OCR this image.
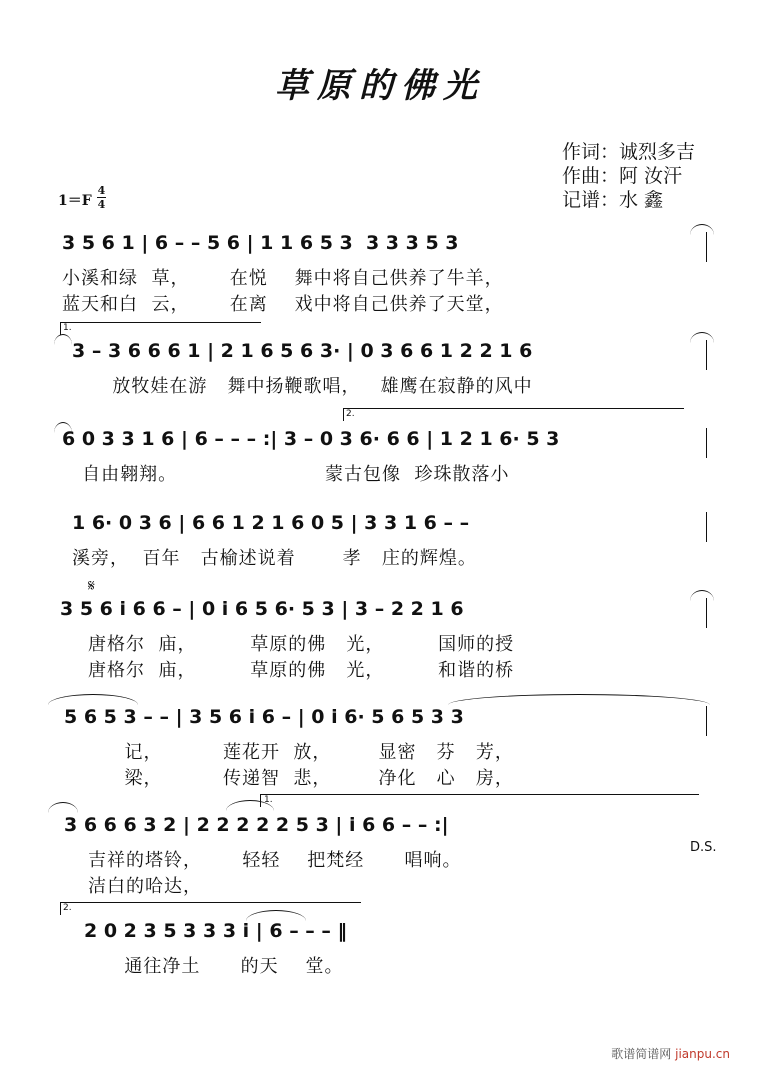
草原的佛光
作词：诚烈多吉
作曲：阿 汝汗
记谱：水 鑫
1＝F
4
4
3 5 6 1 | 6 – – 5 6 | 1 1 6 5 3  3 3 3 5 3
小溪和绿  草，      在悦    舞中将自己供养了牛羊，
蓝天和白  云，      在离    戏中将自己供养了天堂，
1.
3 – 3 6 6 6 1 | 2 1 6 5 6 3· | 0 3 6 6 1 2 2 1 6
放牧娃在游   舞中扬鞭歌唱，   雄鹰在寂静的风中
2.
6 0 3 3 1 6 | 6 – – – :| 3 – 0 3 6· 6 6 | 1 2 1 6· 5 3
自由翱翔。                      蒙古包像  珍珠散落小
1 6· 0 3 6 | 6 6 1 2 1 6 0 5 | 3 3 1 6 – –
溪旁，  百年   古榆述说着       孝   庄的辉煌。
𝄋
3 5 6 i 6 6 – | 0 i 6 5 6· 5 3 | 3 – 2 2 1 6
唐格尔  庙，        草原的佛   光，        国师的授
唐格尔  庙，        草原的佛   光，        和谐的桥
5 6 5 3 – – | 3 5 6 i 6 – | 0 i 6· 5 6 5 3 3
记，         莲花开  放，       显密   芬   芳，
梁，         传递智  悲，       净化   心   房，
1.
3 6 6 6 3 2 | 2 2 2 2 2 5 3 | i 6 6 – – :|
吉祥的塔铃，      轻轻    把梵经      唱响。
洁白的哈达，
D.S.
2.
2 0 2 3 5 3 3 3 i | 6 – – – ‖
通往净土      的天    堂。
歌谱简谱网 jianpu.cn
